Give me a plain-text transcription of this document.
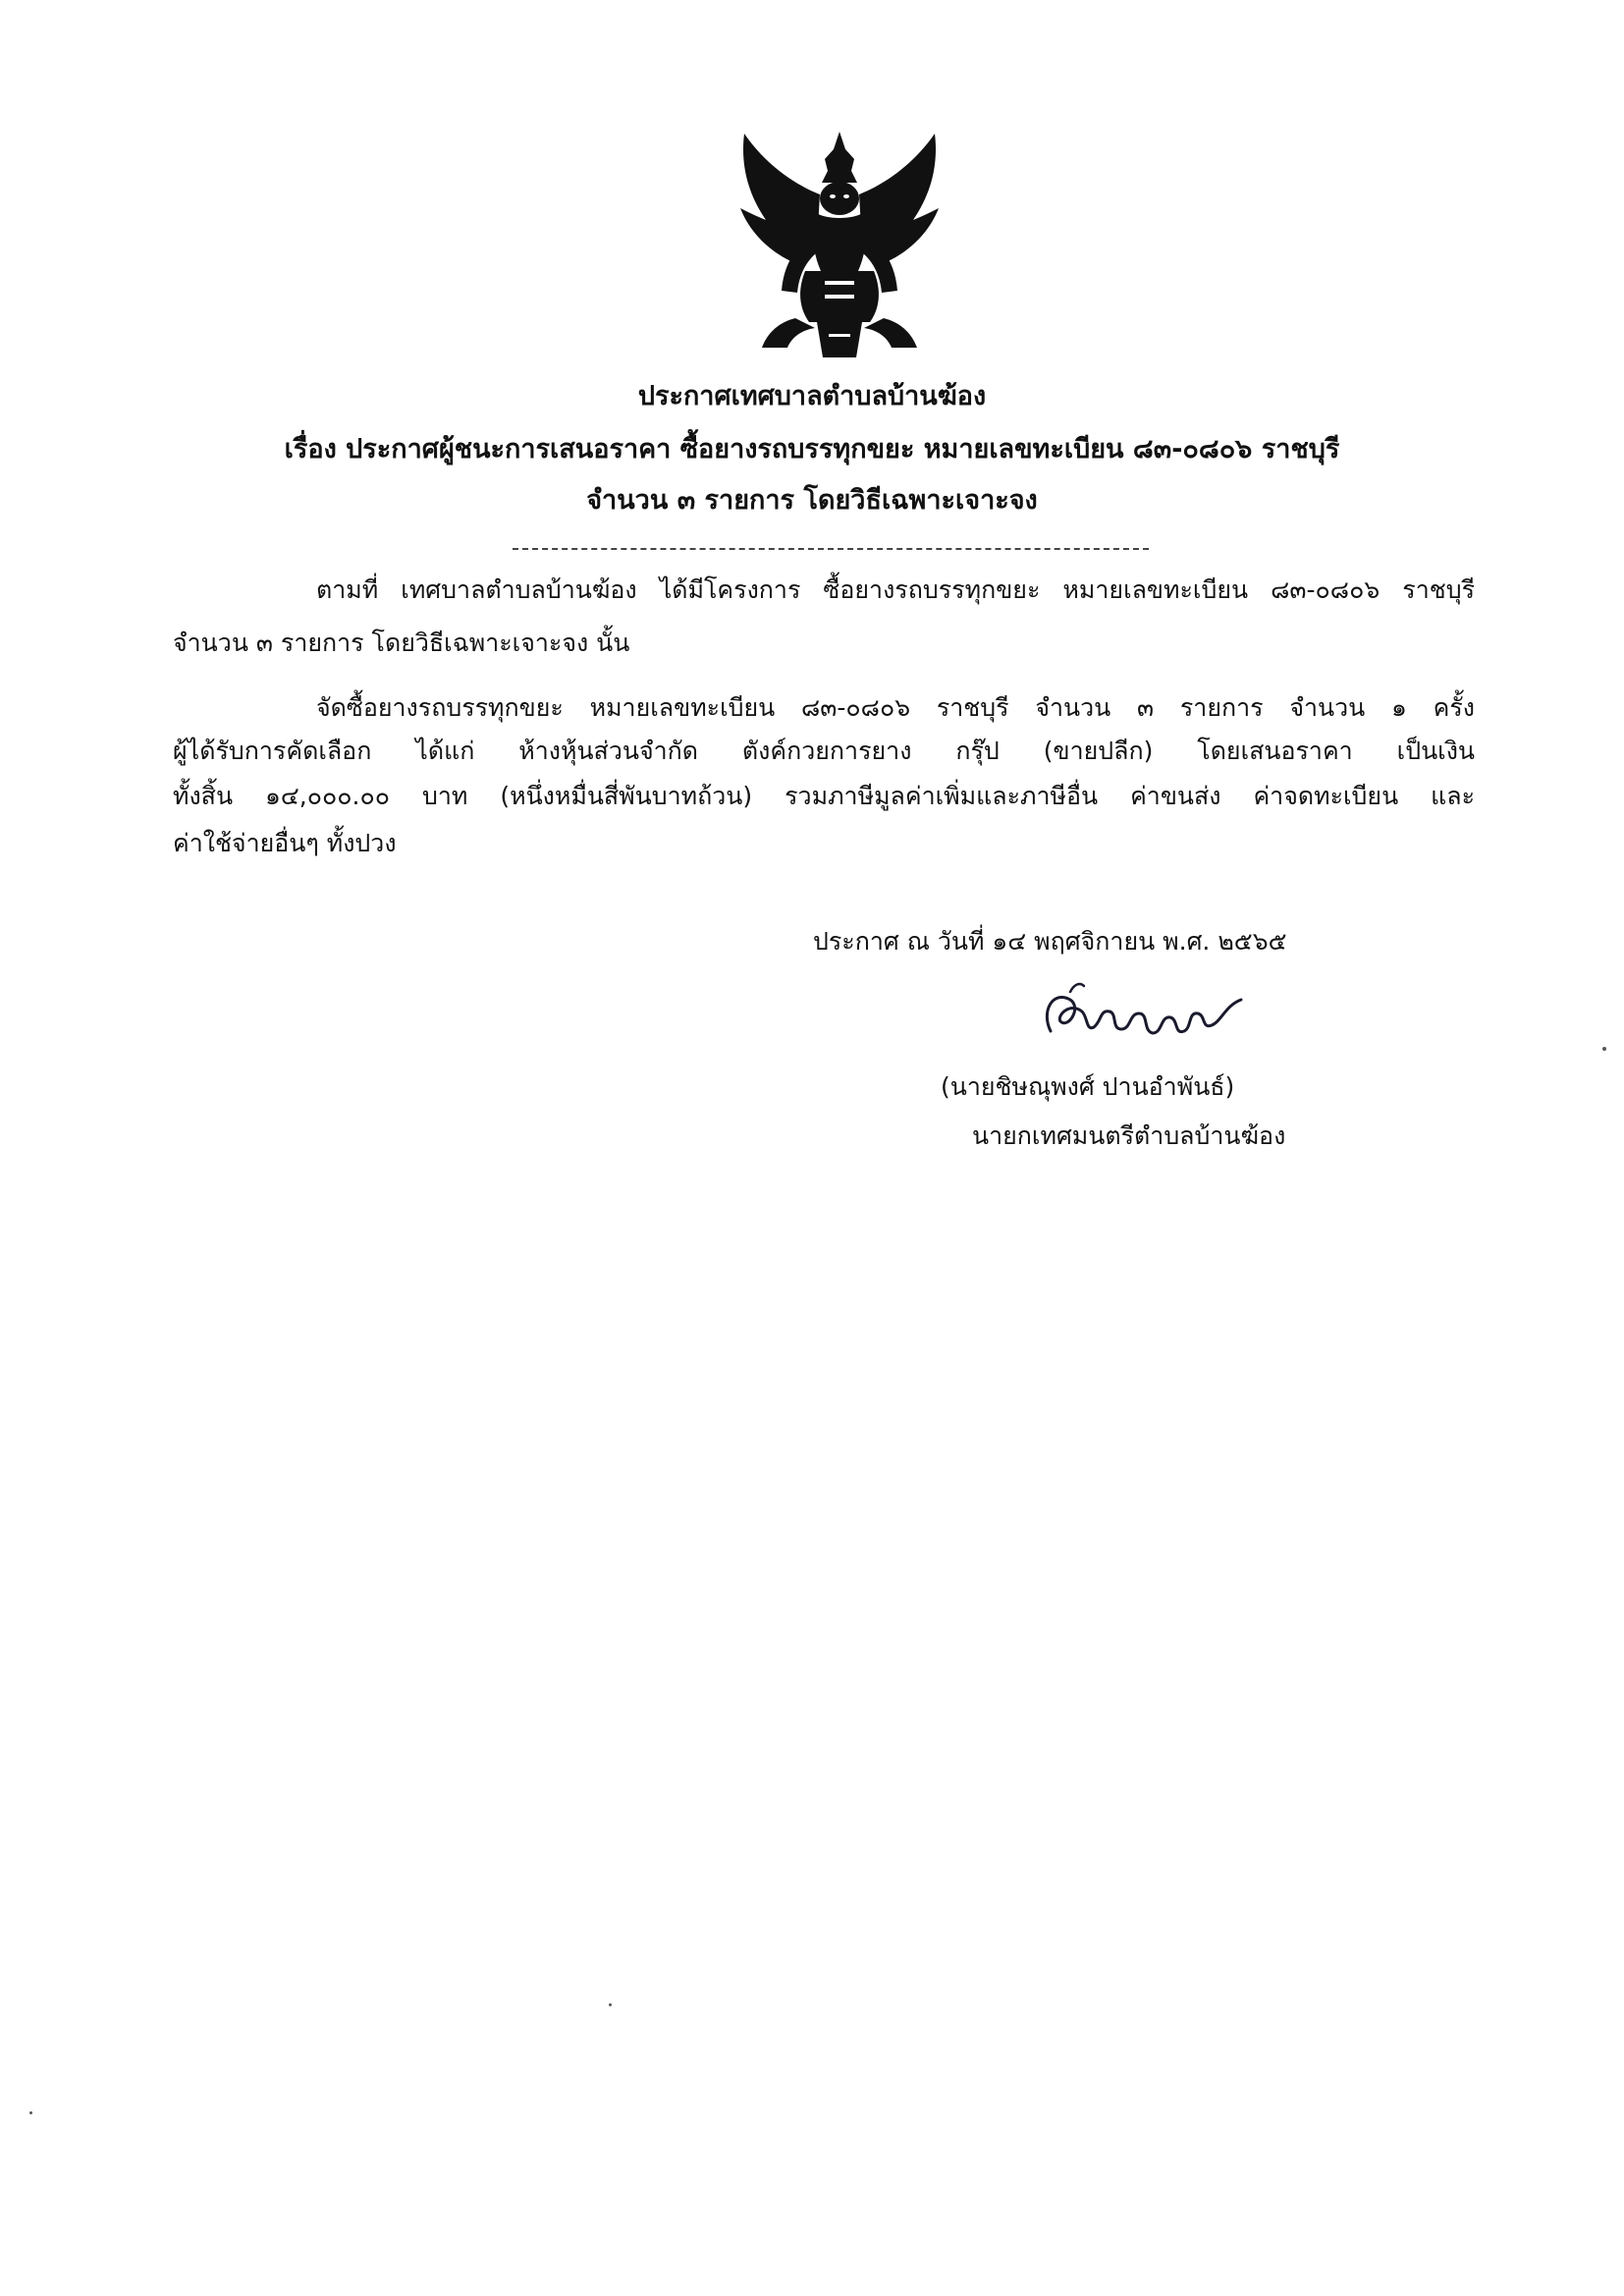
ประกาศเทศบาลตำบลบ้านฆ้อง
เรื่อง ประกาศผู้ชนะการเสนอราคา ซื้อยางรถบรรทุกขยะ หมายเลขทะเบียน ๘๓-๐๘๐๖ ราชบุรี
จำนวน ๓ รายการ โดยวิธีเฉพาะเจาะจง
ตามที่ เทศบาลตำบลบ้านฆ้อง ได้มีโครงการ ซื้อยางรถบรรทุกขยะ หมายเลขทะเบียน ๘๓-๐๘๐๖ ราชบุรี
จำนวน ๓ รายการ โดยวิธีเฉพาะเจาะจง นั้น
จัดซื้อยางรถบรรทุกขยะ หมายเลขทะเบียน ๘๓-๐๘๐๖ ราชบุรี จำนวน ๓ รายการ จำนวน ๑ ครั้ง
ผู้ได้รับการคัดเลือก ได้แก่ ห้างหุ้นส่วนจำกัด ตังค์กวยการยาง กรุ๊ป (ขายปลีก) โดยเสนอราคา เป็นเงิน
ทั้งสิ้น ๑๔,๐๐๐.๐๐ บาท (หนึ่งหมื่นสี่พันบาทถ้วน) รวมภาษีมูลค่าเพิ่มและภาษีอื่น ค่าขนส่ง ค่าจดทะเบียน และ
ค่าใช้จ่ายอื่นๆ ทั้งปวง
ประกาศ ณ วันที่ ๑๔ พฤศจิกายน พ.ศ. ๒๕๖๕
(นายชิษณุพงศ์ ปานอำพันธ์)
นายกเทศมนตรีตำบลบ้านฆ้อง
